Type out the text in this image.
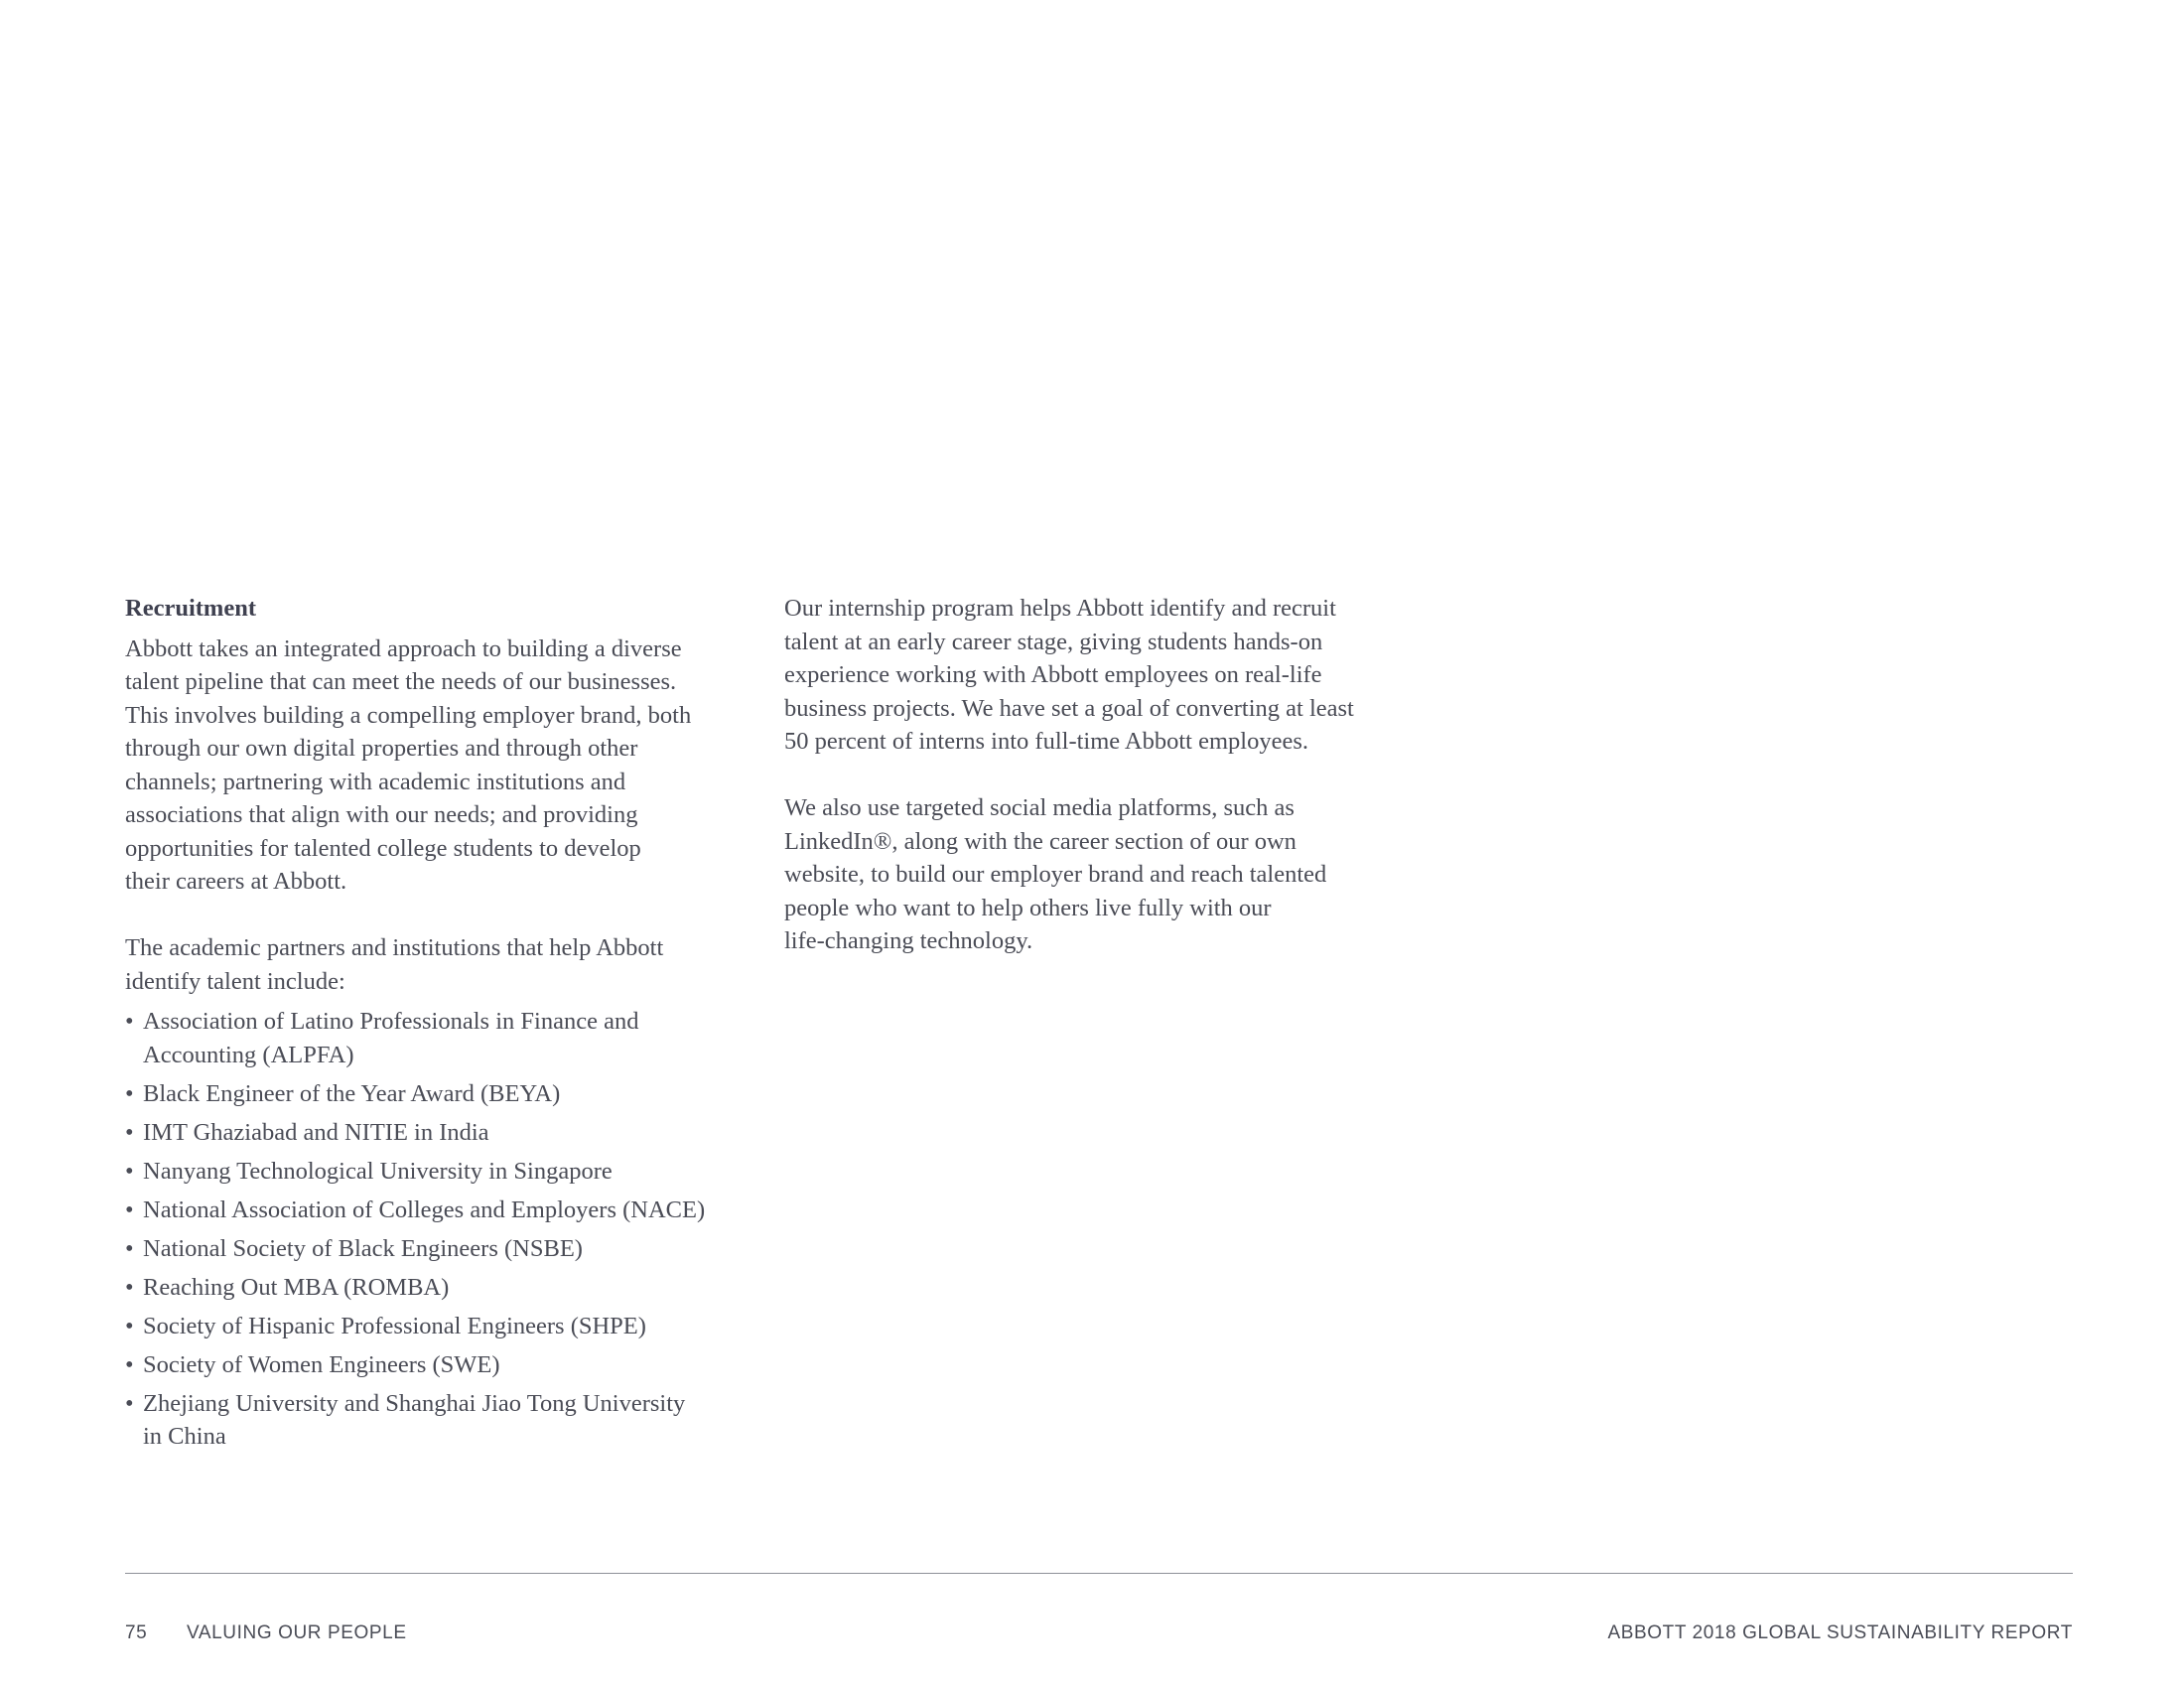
Recruitment

Abbott takes an integrated approach to building a diverse
talent pipeline that can meet the needs of our businesses.
This involves building a compelling employer brand, both
through our own digital properties and through other
channels; partnering with academic institutions and
associations that align with our needs; and providing
opportunities for talented college students to develop
their careers at Abbott.

The academic partners and institutions that help Abbott
identify talent include:

• Association of Latino Professionals in Finance and
Accounting (ALPFA)
• Black Engineer of the Year Award (BEYA)
• IMT Ghaziabad and NITIE in India
• Nanyang Technological University in Singapore
• National Association of Colleges and Employers (NACE)
• National Society of Black Engineers (NSBE)
• Reaching Out MBA (ROMBA)
• Society of Hispanic Professional Engineers (SHPE)
• Society of Women Engineers (SWE)
• Zhejiang University and Shanghai Jiao Tong University
in China

Our internship program helps Abbott identify and recruit
talent at an early career stage, giving students hands-on
experience working with Abbott employees on real-life
business projects. We have set a goal of converting at least
50 percent of interns into full-time Abbott employees.

We also use targeted social media platforms, such as
LinkedIn®, along with the career section of our own
website, to build our employer brand and reach talented
people who want to help others live fully with our
life-changing technology.

75 VALUING OUR PEOPLE	ABBOTT 2018 GLOBAL SUSTAINABILITY REPORT
